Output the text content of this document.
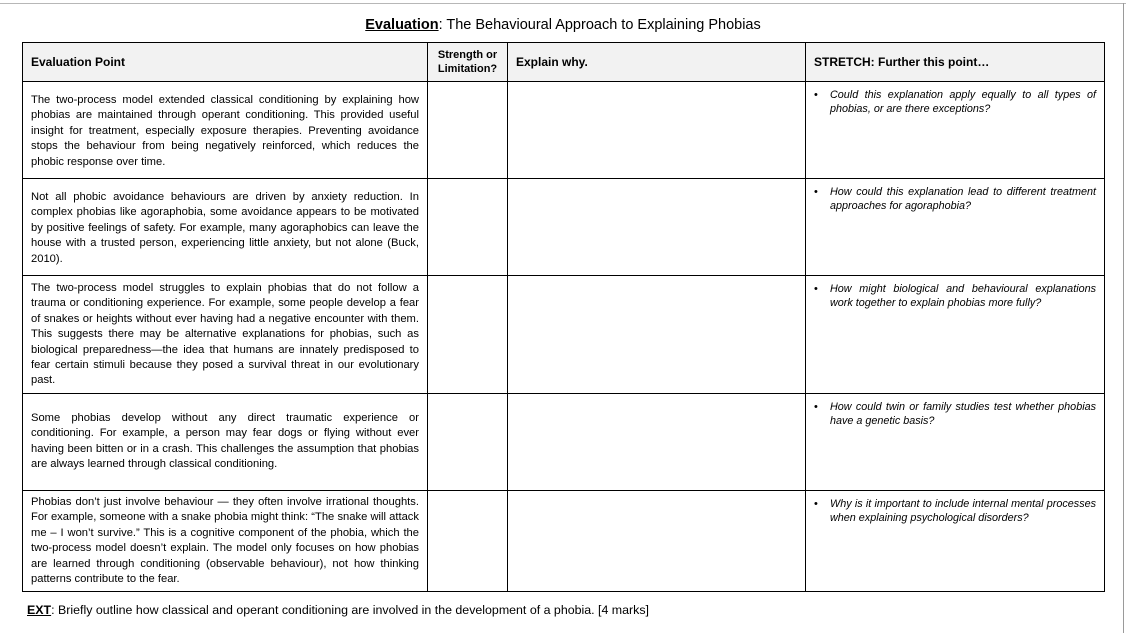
Evaluation: The Behavioural Approach to Explaining Phobias
Evaluation Point	Strength or Limitation?	Explain why.	STRETCH: Further this point…

The two-process model extended classical conditioning by explaining how phobias are maintained through operant conditioning. This provided useful insight for treatment, especially exposure therapies. Preventing avoidance stops the behaviour from being negatively reinforced, which reduces the phobic response over time.			• Could this explanation apply equally to all types of phobias, or are there exceptions?

Not all phobic avoidance behaviours are driven by anxiety reduction. In complex phobias like agoraphobia, some avoidance appears to be motivated by positive feelings of safety. For example, many agoraphobics can leave the house with a trusted person, experiencing little anxiety, but not alone (Buck, 2010).			• How could this explanation lead to different treatment approaches for agoraphobia?

The two-process model struggles to explain phobias that do not follow a trauma or conditioning experience. For example, some people develop a fear of snakes or heights without ever having had a negative encounter with them. This suggests there may be alternative explanations for phobias, such as biological preparedness—the idea that humans are innately predisposed to fear certain stimuli because they posed a survival threat in our evolutionary past.			• How might biological and behavioural explanations work together to explain phobias more fully?

Some phobias develop without any direct traumatic experience or conditioning. For example, a person may fear dogs or flying without ever having been bitten or in a crash. This challenges the assumption that phobias are always learned through classical conditioning.			• How could twin or family studies test whether phobias have a genetic basis?

Phobias don’t just involve behaviour — they often involve irrational thoughts. For example, someone with a snake phobia might think: “The snake will attack me – I won’t survive.” This is a cognitive component of the phobia, which the two-process model doesn’t explain. The model only focuses on how phobias are learned through conditioning (observable behaviour), not how thinking patterns contribute to the fear.			• Why is it important to include internal mental processes when explaining psychological disorders?
EXT: Briefly outline how classical and operant conditioning are involved in the development of a phobia. [4 marks]
